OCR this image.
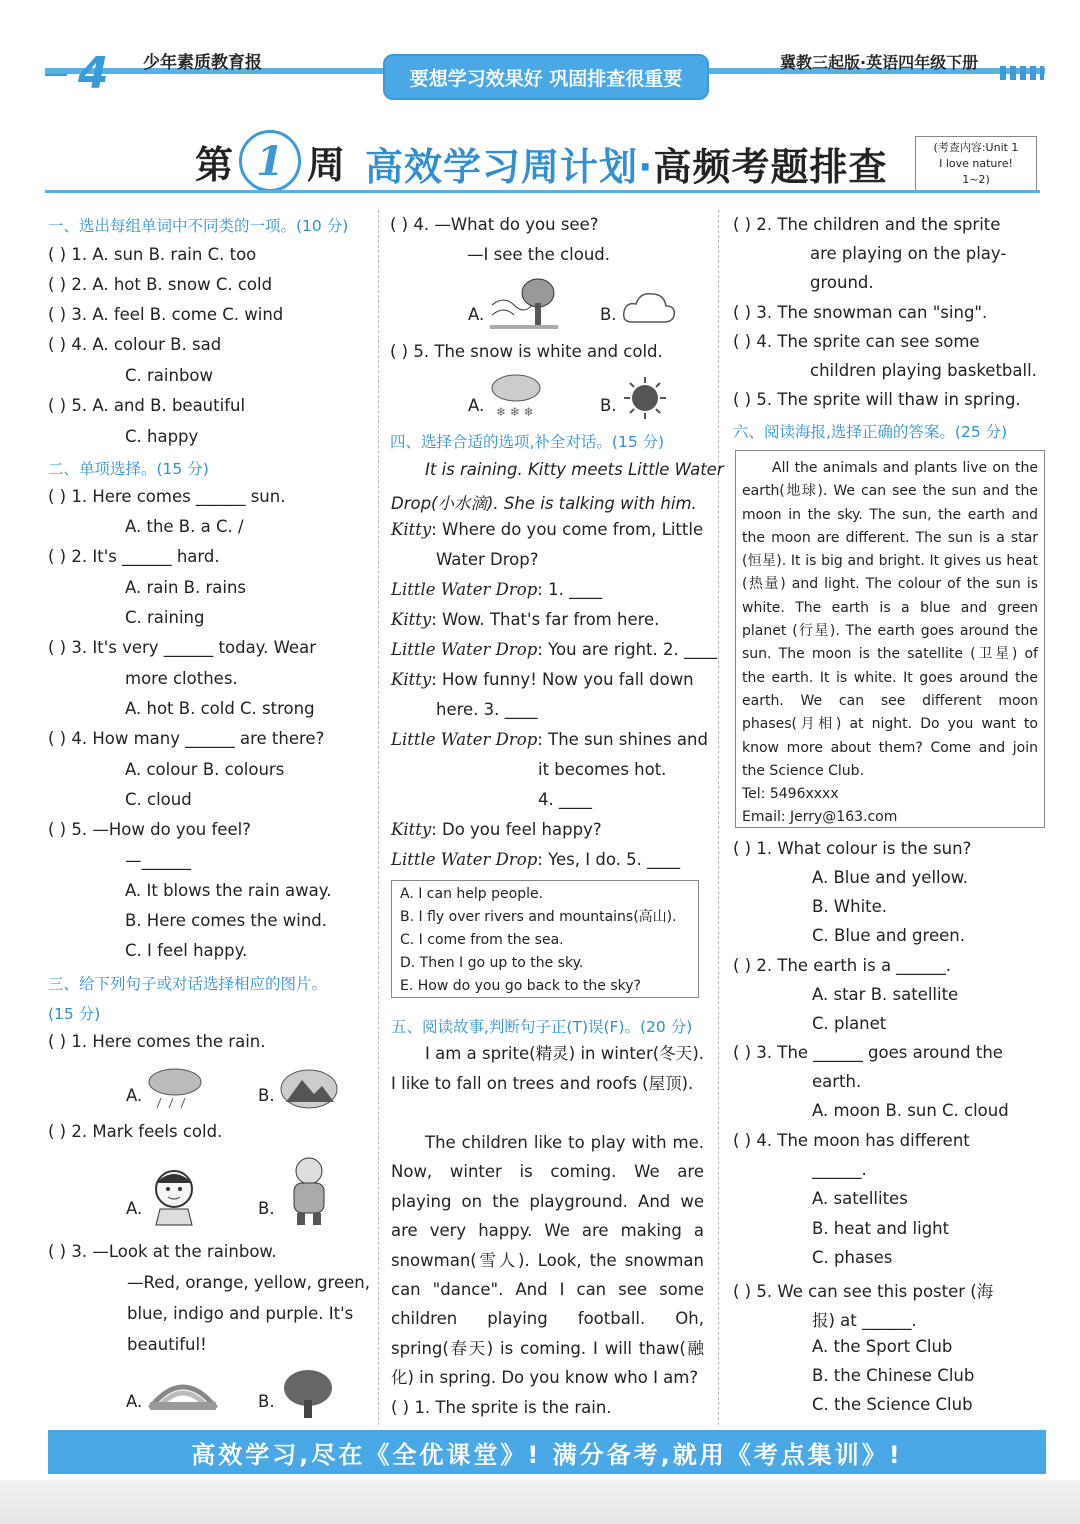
4 少年素质教育报
要想学习效果好 巩固排查很重要
冀教三起版·英语四年级下册
第 1 周 高效学习周计划·高频考题排查	(考查内容:Unit 1
I love nature!
1~2)
一、选出每组单词中不同类的一项。(10 分)
( ) 1. A. sun B. rain C. too
( ) 2. A. hot B. snow C. cold
( ) 3. A. feel B. come C. wind
( ) 4. A. colour B. sad
C. rainbow
( ) 5. A. and B. beautiful
C. happy
二、单项选择。(15 分)
( ) 1. Here comes ______ sun.
A. the B. a C. /
( ) 2. It's ______ hard.
A. rain B. rains
C. raining
( ) 3. It's very ______ today. Wear
more clothes.
A. hot B. cold C. strong
( ) 4. How many ______ are there?
A. colour B. colours
C. cloud
( ) 5. —How do you feel?
—______
A. It blows the rain away.
B. Here comes the wind.
C. I feel happy.
三、给下列句子或对话选择相应的图片。
(15 分)
( ) 1. Here comes the rain.
A.	B.
( ) 2. Mark feels cold.
A.	B.
( ) 3. —Look at the rainbow.
—Red, orange, yellow, green,
blue, indigo and purple. It's
beautiful!
A.	B.
( ) 4. —What do you see?
—I see the cloud.
A.	B.
( ) 5. The snow is white and cold.
A. ❄ ❄ ❄	B.
四、选择合适的选项,补全对话。(15 分)
It is raining. Kitty meets Little Water
Drop(小水滴). She is talking with him.
Kitty: Where do you come from, Little
Water Drop?
Little Water Drop: 1. ____
Kitty: Wow. That's far from here.
Little Water Drop: You are right. 2. ____
Kitty: How funny! Now you fall down
here. 3. ____
Little Water Drop: The sun shines and
it becomes hot.
4. ____
Kitty: Do you feel happy?
Little Water Drop: Yes, I do. 5. ____
A. I can help people.
B. I fly over rivers and mountains(高山).
C. I come from the sea.
D. Then I go up to the sky.
E. How do you go back to the sky?
五、阅读故事,判断句子正(T)误(F)。(20 分)
I am a sprite(精灵) in winter(冬天). I like to fall on trees and roofs (屋顶).
The children like to play with me. Now, winter is coming. We are playing on the playground. And we are very happy. We are making a snowman(雪人). Look, the snowman can "dance". And I can see some children playing football. Oh, spring(春天) is coming. I will thaw(融化) in spring. Do you know who I am?
( ) 1. The sprite is the rain.
( ) 2. The children and the sprite
are playing on the play-
ground.
( ) 3. The snowman can "sing".
( ) 4. The sprite can see some
children playing basketball.
( ) 5. The sprite will thaw in spring.
六、阅读海报,选择正确的答案。(25 分)
All the animals and plants live on the earth(地球). We can see the sun and the moon in the sky. The sun, the earth and the moon are different. The sun is a star (恒星). It is big and bright. It gives us heat (热量) and light. The colour of the sun is white. The earth is a blue and green planet (行星). The earth goes around the sun. The moon is the satellite (卫星) of the earth. It is white. It goes around the earth. We can see different moon phases(月相) at night. Do you want to know more about them? Come and join the Science Club.
Tel: 5496xxxx
Email: Jerry@163.com
( ) 1. What colour is the sun?
A. Blue and yellow.
B. White.
C. Blue and green.
( ) 2. The earth is a ______.
A. star B. satellite
C. planet
( ) 3. The ______ goes around the
earth.
A. moon B. sun C. cloud
( ) 4. The moon has different
______.
A. satellites
B. heat and light
C. phases
( ) 5. We can see this poster (海
报) at ______.
A. the Sport Club
B. the Chinese Club
C. the Science Club
高效学习,尽在《全优课堂》! 满分备考,就用《考点集训》!
